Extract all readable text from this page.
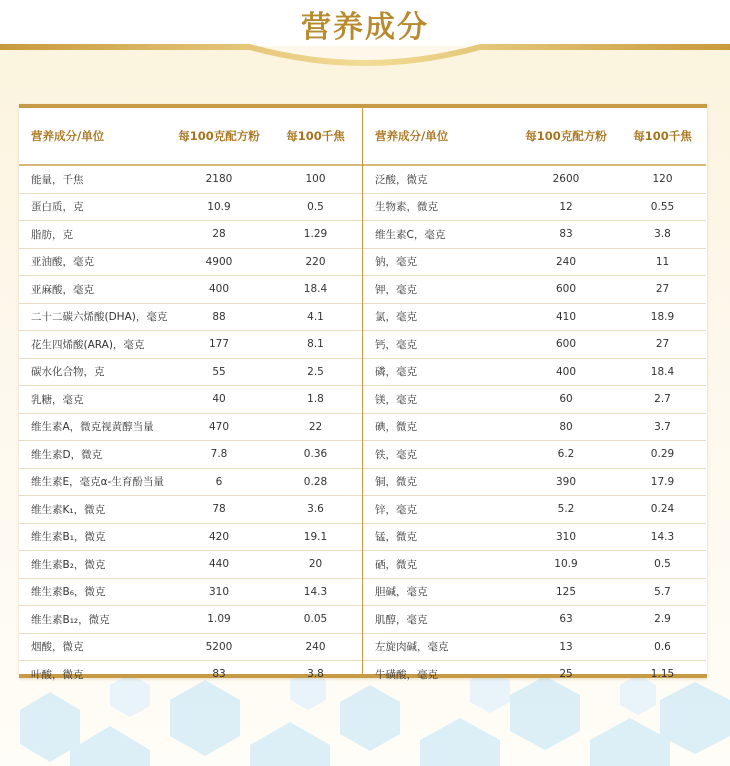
营养成分
营养成分/单位	每100克配方粉	每100千焦
能量，千焦	2180	100
蛋白质，克	10.9	0.5
脂肪，克	28	1.29
亚油酸，毫克	4900	220
亚麻酸，毫克	400	18.4
二十二碳六烯酸(DHA)，毫克	88	4.1
花生四烯酸(ARA)，毫克	177	8.1
碳水化合物，克	55	2.5
乳糖，毫克	40	1.8
维生素A，微克视黄醇当量	470	22
维生素D，微克	7.8	0.36
维生素E，毫克α-生育酚当量	6	0.28
维生素K₁，微克	78	3.6
维生素B₁，微克	420	19.1
维生素B₂，微克	440	20
维生素B₆，微克	310	14.3
维生素B₁₂，微克	1.09	0.05
烟酸，微克	5200	240
叶酸，微克	83	3.8
营养成分/单位	每100克配方粉	每100千焦
泛酸，微克	2600	120
生物素，微克	12	0.55
维生素C，毫克	83	3.8
钠，毫克	240	11
钾，毫克	600	27
氯，毫克	410	18.9
钙，毫克	600	27
磷，毫克	400	18.4
镁，毫克	60	2.7
碘，微克	80	3.7
铁，毫克	6.2	0.29
铜，微克	390	17.9
锌，毫克	5.2	0.24
锰，微克	310	14.3
硒，微克	10.9	0.5
胆碱，毫克	125	5.7
肌醇，毫克	63	2.9
左旋肉碱，毫克	13	0.6
牛磺酸，毫克	25	1.15
